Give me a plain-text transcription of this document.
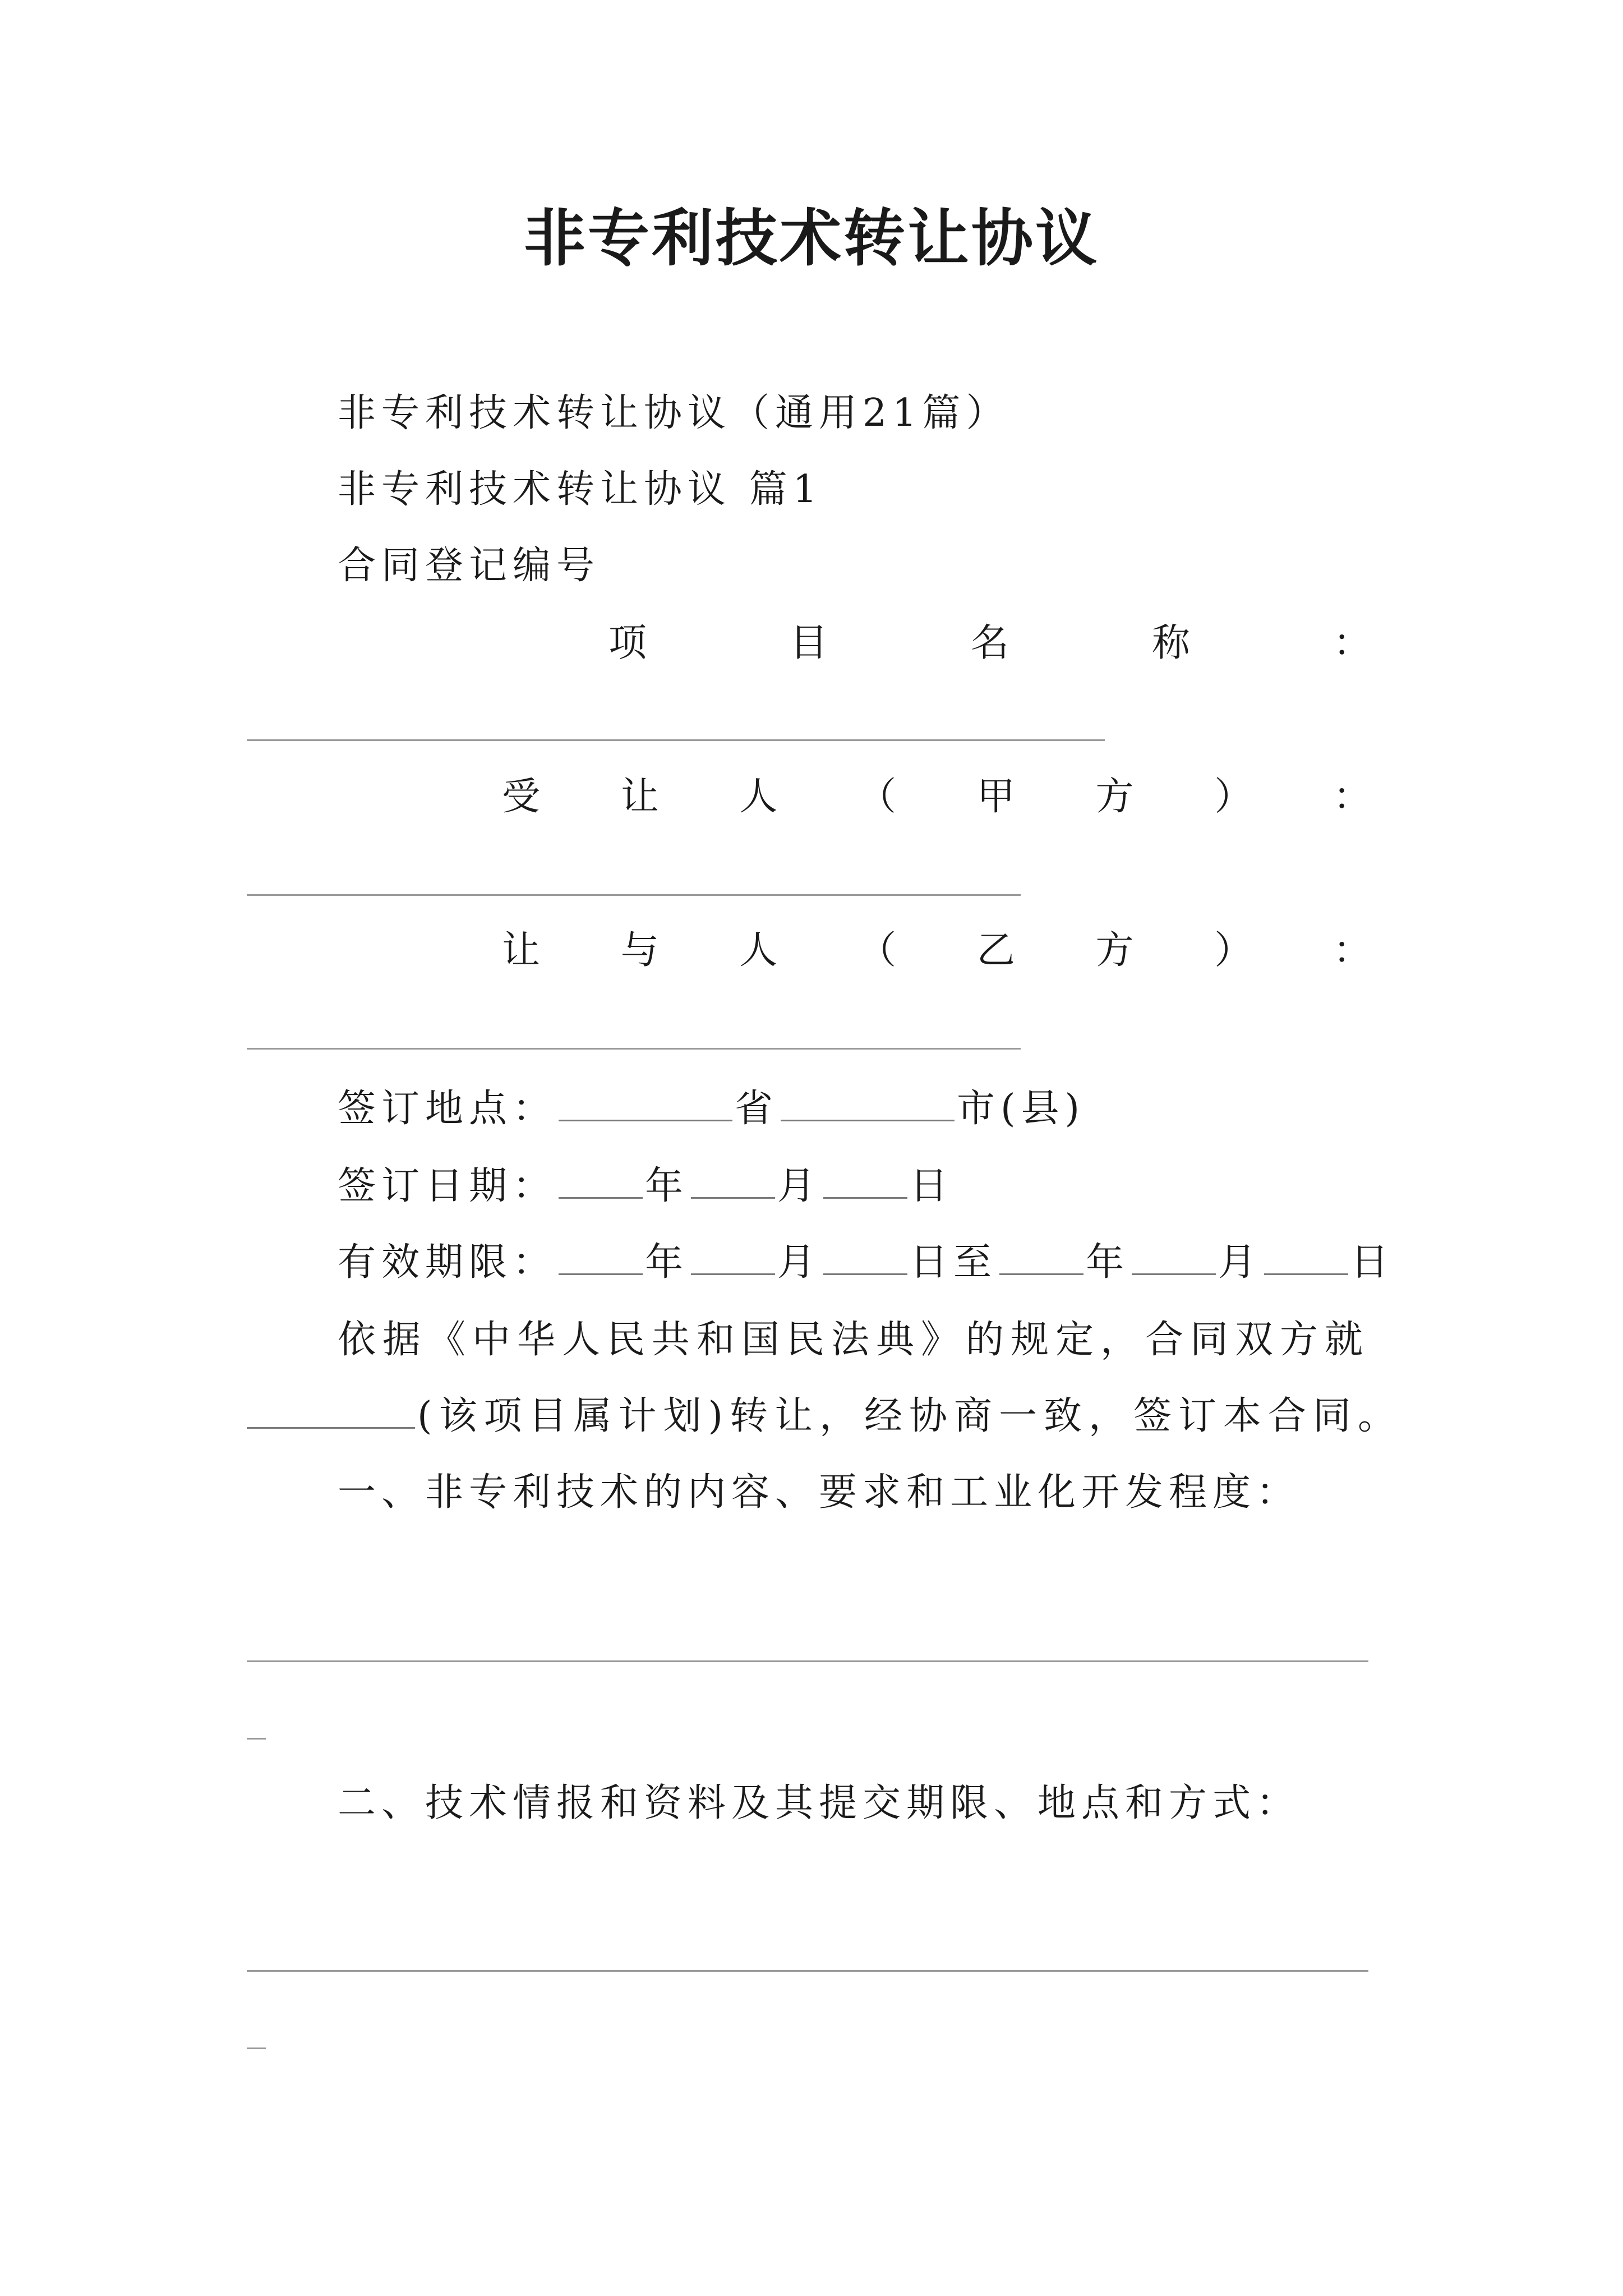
非专利技术转让协议
非专利技术转让协议（通用21篇）
非专利技术转让协议 篇1
合同登记编号
项	目	名	称	：
受 让 人 （ 甲 方 ） ：
让 与 人 （ 乙 方 ） ：
签订地点：	省	市(县)
签订日期： 年 月 日
有效期限： 年 月 日至 年 月 日
依据《中华人民共和国民法典》的规定，合同双方就
(该项目属计划)转让，经协商一致，签订本合同。
一、非专利技术的内容、要求和工业化开发程度：
二、技术情报和资料及其提交期限、地点和方式：
